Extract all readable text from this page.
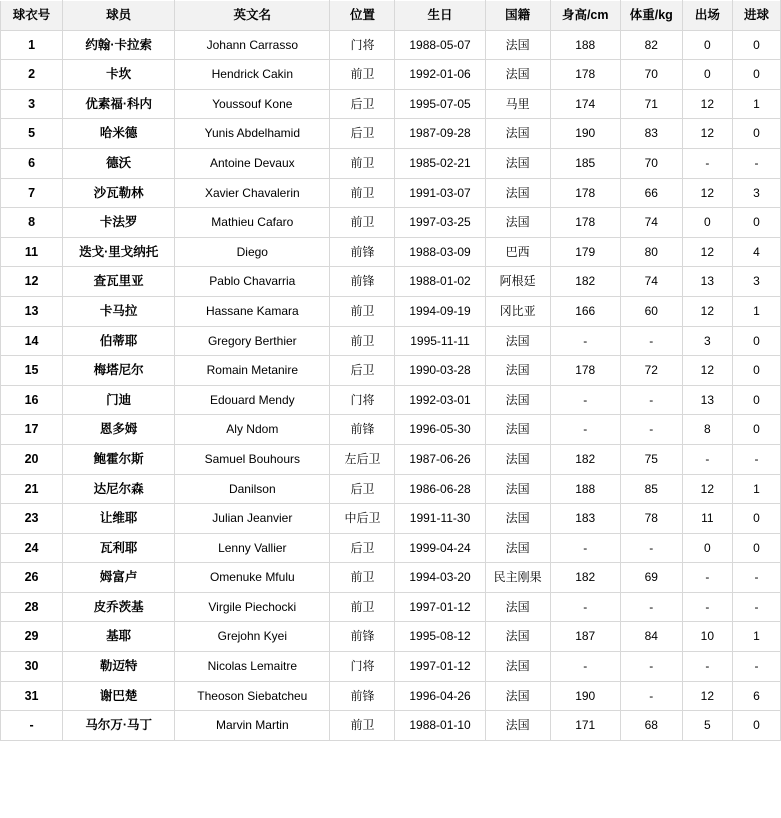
球衣号	球员	英文名	位置	生日	国籍	身高/cm	体重/kg	出场	进球
1	约翰·卡拉索	Johann Carrasso	门将	1988-05-07	法国	188	82	0	0
2	卡坎	Hendrick Cakin	前卫	1992-01-06	法国	178	70	0	0
3	优素福·科内	Youssouf Kone	后卫	1995-07-05	马里	174	71	12	1
5	哈米德	Yunis Abdelhamid	后卫	1987-09-28	法国	190	83	12	0
6	德沃	Antoine Devaux	前卫	1985-02-21	法国	185	70	-	-
7	沙瓦勒林	Xavier Chavalerin	前卫	1991-03-07	法国	178	66	12	3
8	卡法罗	Mathieu Cafaro	前卫	1997-03-25	法国	178	74	0	0
11	迭戈·里戈纳托	Diego	前锋	1988-03-09	巴西	179	80	12	4
12	查瓦里亚	Pablo Chavarria	前锋	1988-01-02	阿根廷	182	74	13	3
13	卡马拉	Hassane Kamara	前卫	1994-09-19	冈比亚	166	60	12	1
14	伯蒂耶	Gregory Berthier	前卫	1995-11-11	法国	-	-	3	0
15	梅塔尼尔	Romain Metanire	后卫	1990-03-28	法国	178	72	12	0
16	门迪	Edouard Mendy	门将	1992-03-01	法国	-	-	13	0
17	恩多姆	Aly Ndom	前锋	1996-05-30	法国	-	-	8	0
20	鲍霍尔斯	Samuel Bouhours	左后卫	1987-06-26	法国	182	75	-	-
21	达尼尔森	Danilson	后卫	1986-06-28	法国	188	85	12	1
23	让维耶	Julian Jeanvier	中后卫	1991-11-30	法国	183	78	11	0
24	瓦利耶	Lenny Vallier	后卫	1999-04-24	法国	-	-	0	0
26	姆富卢	Omenuke Mfulu	前卫	1994-03-20	民主刚果	182	69	-	-
28	皮乔茨基	Virgile Piechocki	前卫	1997-01-12	法国	-	-	-	-
29	基耶	Grejohn Kyei	前锋	1995-08-12	法国	187	84	10	1
30	勒迈特	Nicolas Lemaitre	门将	1997-01-12	法国	-	-	-	-
31	谢巴楚	Theoson Siebatcheu	前锋	1996-04-26	法国	190	-	12	6
-	马尔万·马丁	Marvin Martin	前卫	1988-01-10	法国	171	68	5	0
